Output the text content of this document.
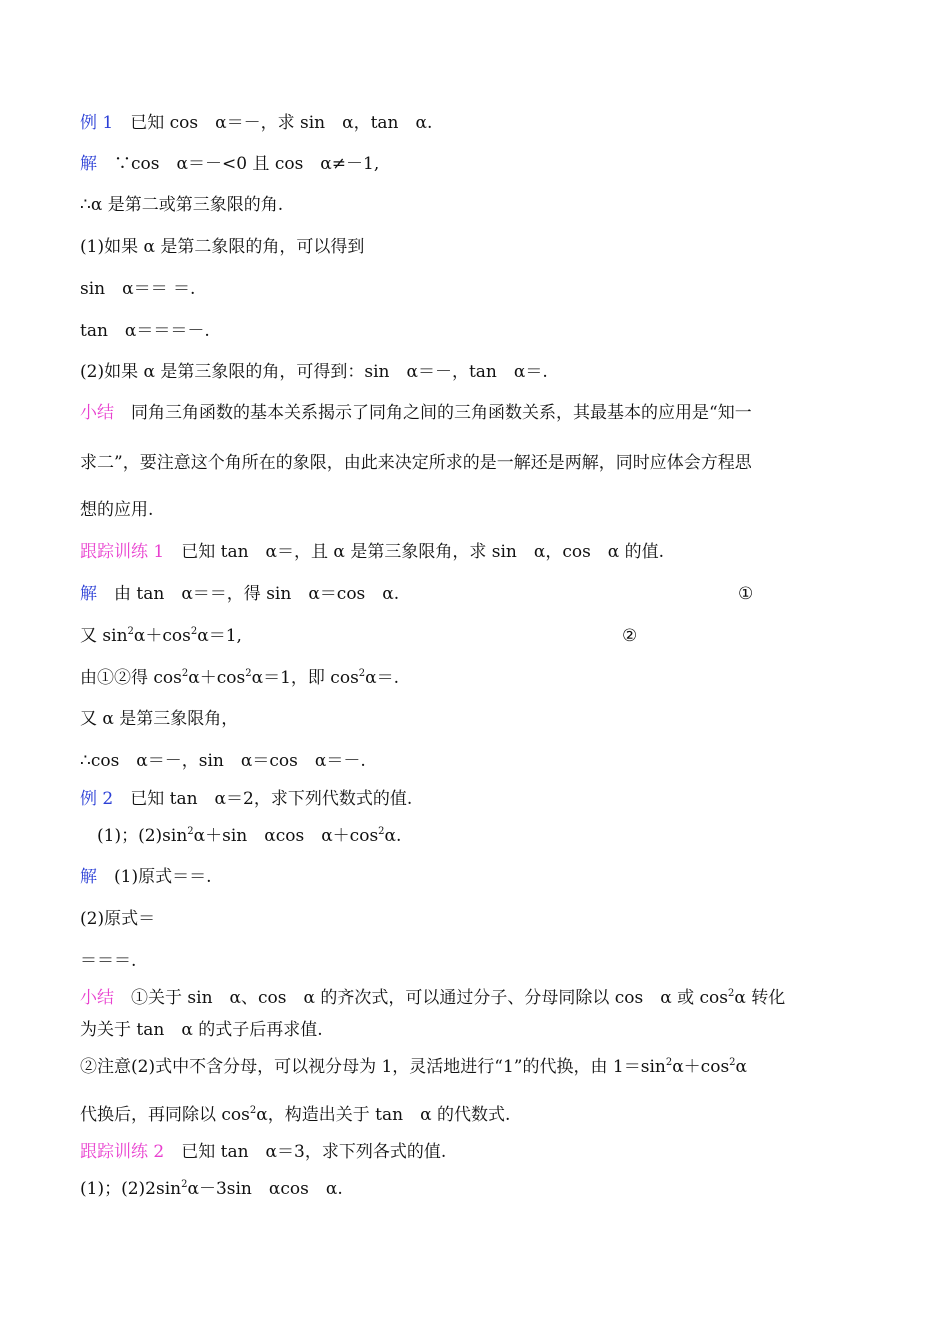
例 1　已知 cos　α＝－，求 sin　α，tan　α.
解　∵cos　α＝－<0 且 cos　α≠－1,
∴α 是第二或第三象限的角.
(1)如果 α 是第二象限的角，可以得到
sin　α＝＝ ＝.
tan　α＝＝＝－.
(2)如果 α 是第三象限的角，可得到：sin　α＝－，tan　α＝.
小结　同角三角函数的基本关系揭示了同角之间的三角函数关系，其最基本的应用是“知一
求二”，要注意这个角所在的象限，由此来决定所求的是一解还是两解，同时应体会方程思
想的应用.
跟踪训练 1　已知 tan　α＝，且 α 是第三象限角，求 sin　α，cos　α 的值.
解　由 tan　α＝＝，得 sin　α＝cos　α.	①
又 $\sin^2\alpha+\cos^2\alpha=1$,	②
由①②得 $\cos^2\alpha+\cos^2\alpha=1$，即 $\cos^2\alpha=$.
又 α 是第三象限角，
∴cos　α＝－，sin　α＝cos　α＝－.
例 2　已知 tan　α＝2，求下列代数式的值.
　(1)；$(2)\sin^2\alpha+\sin$　αcos　$\alpha+\cos^2\alpha$.
解　(1)原式＝＝.
(2)原式＝
＝＝＝.
小结　①关于 sin　α、cos　α 的齐次式，可以通过分子、分母同除以 cos　α 或 $\cos^2\alpha$ 转化
为关于 tan　α 的式子后再求值.
②注意(2)式中不含分母，可以视分母为 1，灵活地进行“1”的代换，由 $1=\sin^2\alpha+\cos^2\alpha$
代换后，再同除以 $\cos^2\alpha$，构造出关于 tan　α 的代数式.
跟踪训练 2　已知 tan　α＝3，求下列各式的值.
(1)；$(2)2\sin^2\alpha-3\sin$　αcos　α.
